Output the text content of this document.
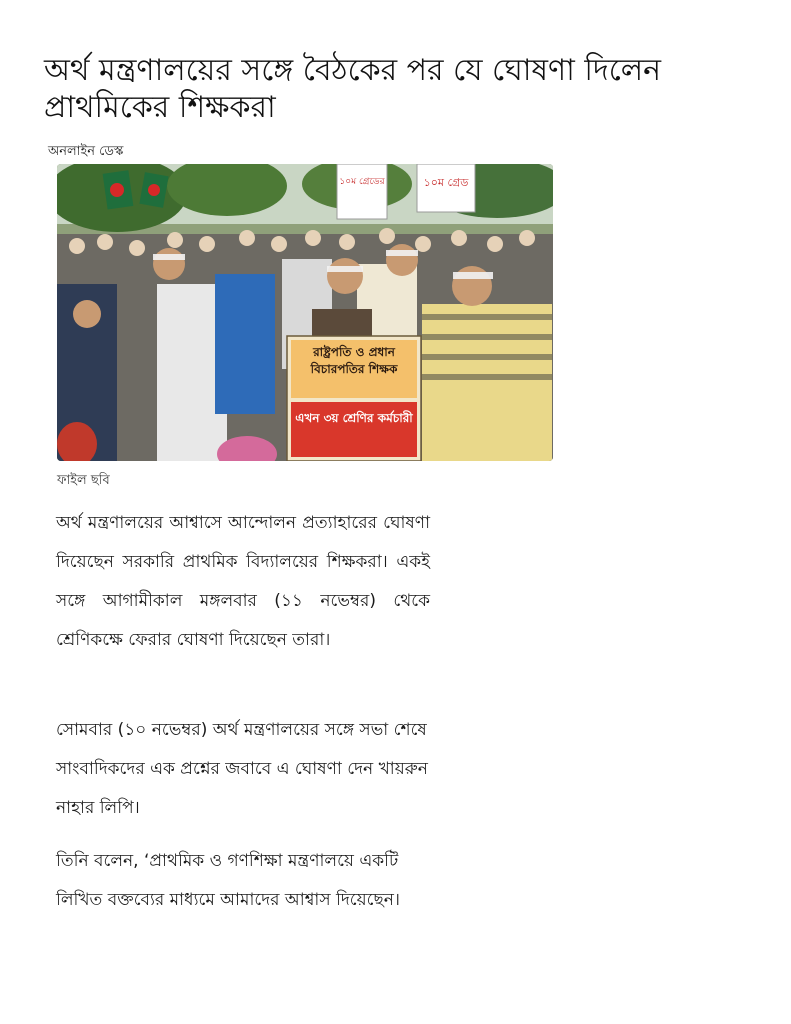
অর্থ মন্ত্রণালয়ের সঙ্গে বৈঠকের পর যে ঘোষণা দিলেন প্রাথমিকের শিক্ষকরা
অনলাইন ডেস্ক
১০ম গ্রেডের	১০ম গ্রেড
রাষ্ট্রপতি ও প্রধান বিচারপতির শিক্ষক
এখন ৩য় শ্রেণির কর্মচারী
ফাইল ছবি

অর্থ মন্ত্রণালয়ের আশ্বাসে আন্দোলন প্রত্যাহারের ঘোষণা দিয়েছেন সরকারি প্রাথমিক বিদ্যালয়ের শিক্ষকরা। একই সঙ্গে আগামীকাল মঙ্গলবার (১১ নভেম্বর) থেকে শ্রেণিকক্ষে ফেরার ঘোষণা দিয়েছেন তারা।

সোমবার (১০ নভেম্বর) অর্থ মন্ত্রণালয়ের সঙ্গে সভা শেষে সাংবাদিকদের এক প্রশ্নের জবাবে এ ঘোষণা দেন খায়রুন নাহার লিপি।

তিনি বলেন, ‘প্রাথমিক ও গণশিক্ষা মন্ত্রণালয়ে একটি লিখিত বক্তব্যের মাধ্যমে আমাদের আশ্বাস দিয়েছেন।
